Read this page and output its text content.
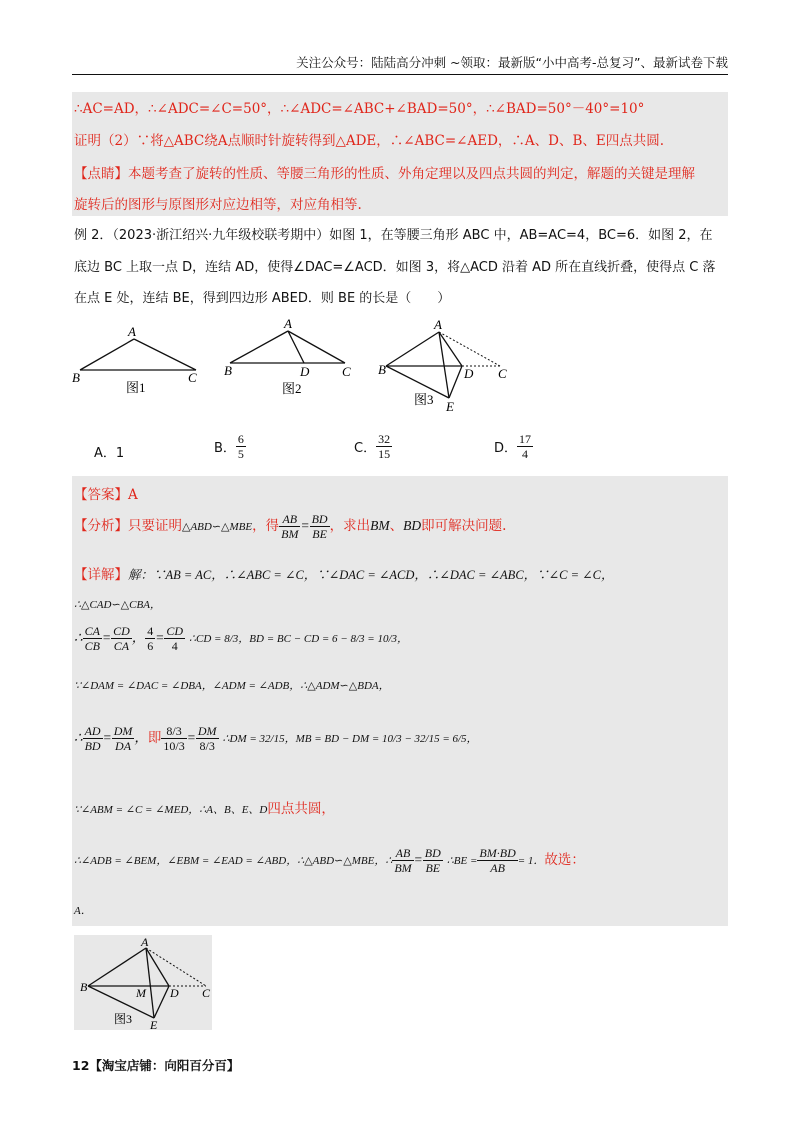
关注公众号：陆陆高分冲刺 ~领取：最新版“小中高考-总复习”、最新试卷下载
∴AC=AD，∴∠ADC=∠C=50°，∴∠ADC=∠ABC+∠BAD=50°，∴∠BAD=50°－40°=10°
证明（2）∵将△ABC绕A点顺时针旋转得到△ADE，∴∠ABC=∠AED，∴A、D、B、E四点共圆.
【点睛】本题考查了旋转的性质、等腰三角形的性质、外角定理以及四点共圆的判定，解题的关键是理解
旋转后的图形与原图形对应边相等，对应角相等.
例 2．（2023·浙江绍兴·九年级校联考期中）如图 1，在等腰三角形 ABC 中，AB=AC=4，BC=6．如图 2，在
底边 BC 上取一点 D，连结 AD，使得∠DAC=∠ACD．如图 3，将△ACD 沿着 AD 所在直线折叠，使得点 C 落
在点 E 处，连结 BE，得到四边形 ABED．则 BE 的长是（　　）
A
B	C
图1
A
B	D	C
图2
A
B	D C
E
图3
A．1	B． $\frac{6}{5}$	C． $\frac{32}{15}$	D． $\frac{17}{4}$
【答案】A
【分析】只要证明△ABD∽△MBE，得 $\frac{AB}{BM} = \frac{BD}{BE}$ ，求出BM、BD即可解决问题.
【详解】解：∵AB = AC，∴∠ABC = ∠C，∵∠DAC = ∠ACD，∴∠DAC = ∠ABC，∵∠C = ∠C，
∴△CAD∽△CBA，
∴ $\frac{CA}{CB} = \frac{CD}{CA}$ ， $\frac{4}{6} = \frac{CD}{4}$ ∴CD = 8/3，BD = BC − CD = 6 − 8/3 = 10/3，
∵∠DAM = ∠DAC = ∠DBA，∠ADM = ∠ADB，∴△ADM∽△BDA，
∴ $\frac{AD}{BD} = \frac{DM}{DA}$ ，即 $\frac{8/3}{10/3} = \frac{DM}{8/3}$ ∴DM = 32/15，MB = BD − DM = 10/3 − 32/15 = 6/5，
∵∠ABM = ∠C = ∠MED，∴A、B、E、D四点共圆，
∴∠ADB = ∠BEM，∠EBM = ∠EAD = ∠ABD，∴△ABD∽△MBE，∴ $\frac{AB}{BM} = \frac{BD}{BE}$ ∴BE = $\frac{BM\cdot BD}{AB} = 1$．故选：
A．
A
B	M D C
E
图3
12【淘宝店铺：向阳百分百】
